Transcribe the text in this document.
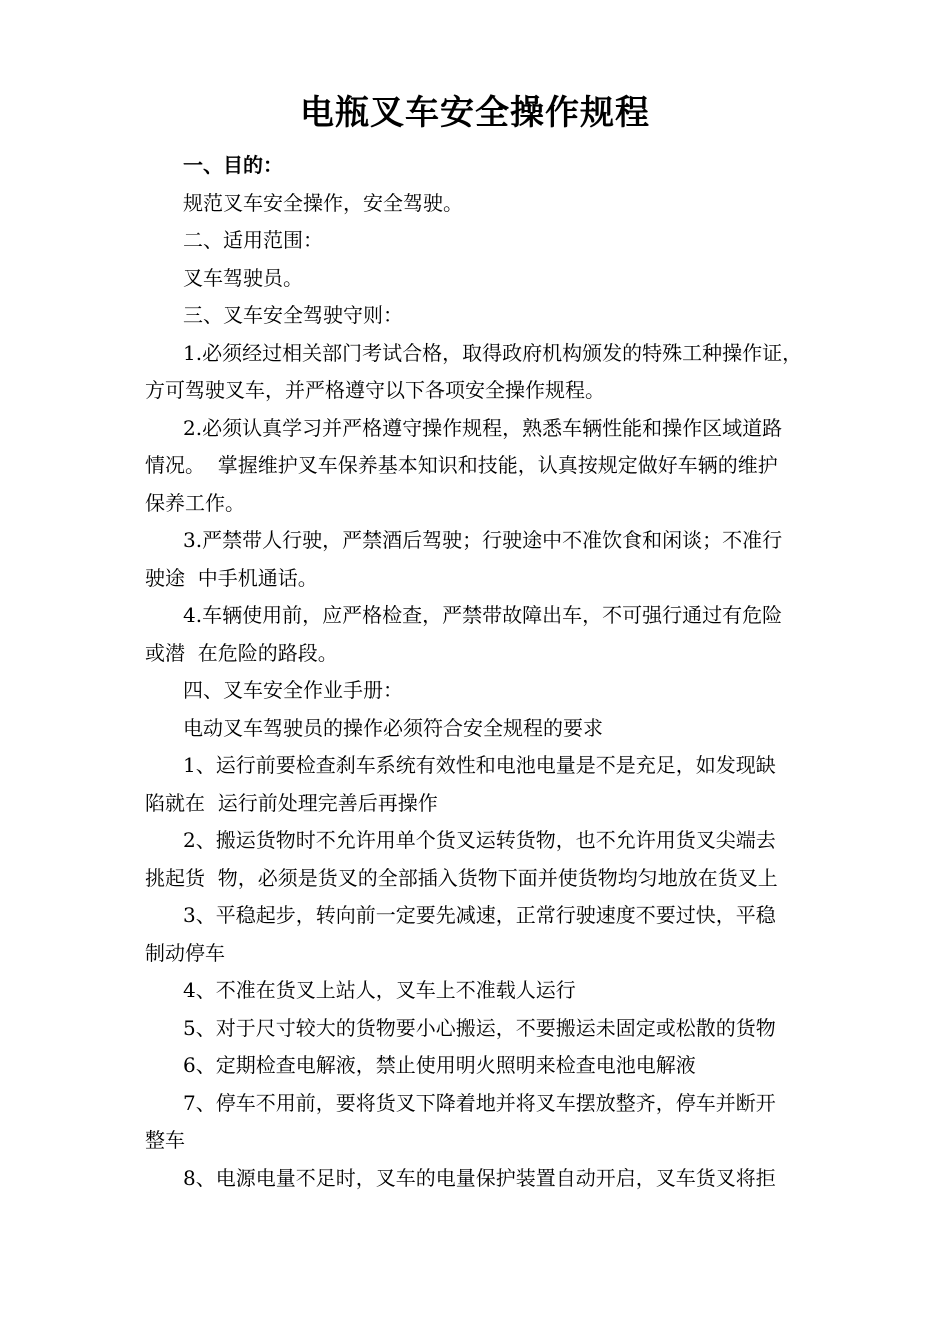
电瓶叉车安全操作规程
一、目的：
规范叉车安全操作，安全驾驶。
二、适用范围：
叉车驾驶员。
三、叉车安全驾驶守则：
1.必须经过相关部门考试合格，取得政府机构颁发的特殊工种操作证，
方可驾驶叉车，并严格遵守以下各项安全操作规程。
2.必须认真学习并严格遵守操作规程，熟悉车辆性能和操作区域道路
情况。  掌握维护叉车保养基本知识和技能，认真按规定做好车辆的维护
保养工作。
3.严禁带人行驶，严禁酒后驾驶；行驶途中不准饮食和闲谈；不准行
驶途  中手机通话。
4.车辆使用前，应严格检查，严禁带故障出车，不可强行通过有危险
或潜  在危险的路段。
四、叉车安全作业手册：
电动叉车驾驶员的操作必须符合安全规程的要求
1、运行前要检查刹车系统有效性和电池电量是不是充足，如发现缺
陷就在  运行前处理完善后再操作
2、搬运货物时不允许用单个货叉运转货物，也不允许用货叉尖端去
挑起货  物，必须是货叉的全部插入货物下面并使货物均匀地放在货叉上
3、平稳起步，转向前一定要先减速，正常行驶速度不要过快，平稳
制动停车
4、不准在货叉上站人，叉车上不准载人运行
5、对于尺寸较大的货物要小心搬运，不要搬运未固定或松散的货物
6、定期检查电解液，禁止使用明火照明来检查电池电解液
7、停车不用前，要将货叉下降着地并将叉车摆放整齐，停车并断开
整车
8、电源电量不足时，叉车的电量保护装置自动开启，叉车货叉将拒
